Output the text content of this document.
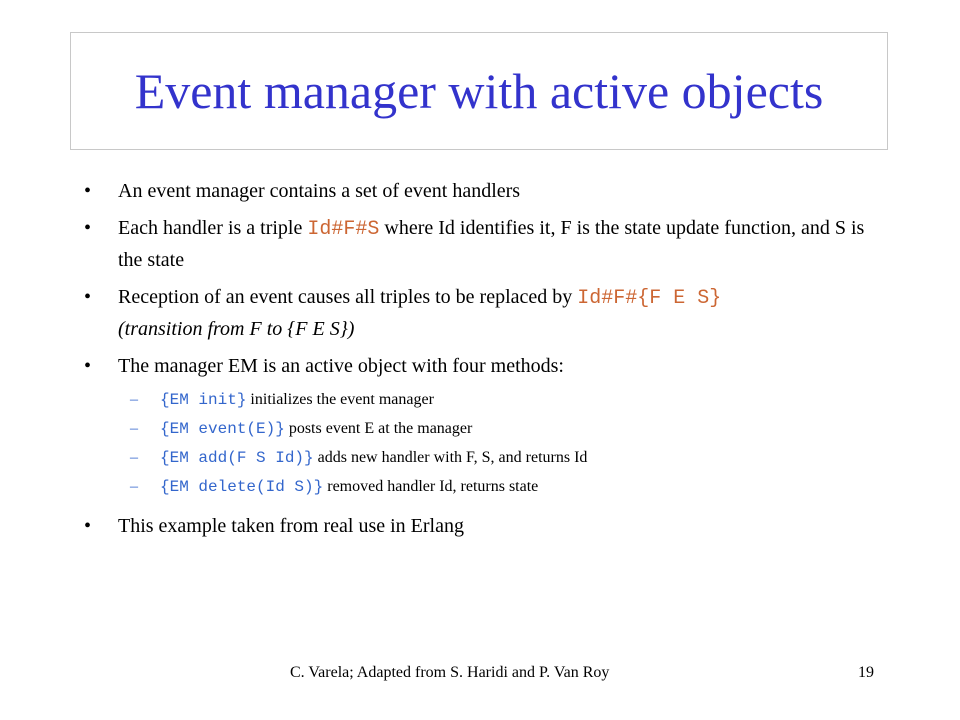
Event manager with active objects
• An event manager contains a set of event handlers
• Each handler is a triple Id#F#S where Id identifies it, F is the state update function, and S is the state
• Reception of an event causes all triples to be replaced by Id#F#{F E S}
(transition from F to {F E S})
• The manager EM is an active object with four methods:
– {EM init} initializes the event manager
– {EM event(E)} posts event E at the manager
– {EM add(F S Id)} adds new handler with F, S, and returns Id
– {EM delete(Id S)} removed handler Id, returns state
• This example taken from real use in Erlang
C. Varela; Adapted from S. Haridi and P. Van Roy	19
